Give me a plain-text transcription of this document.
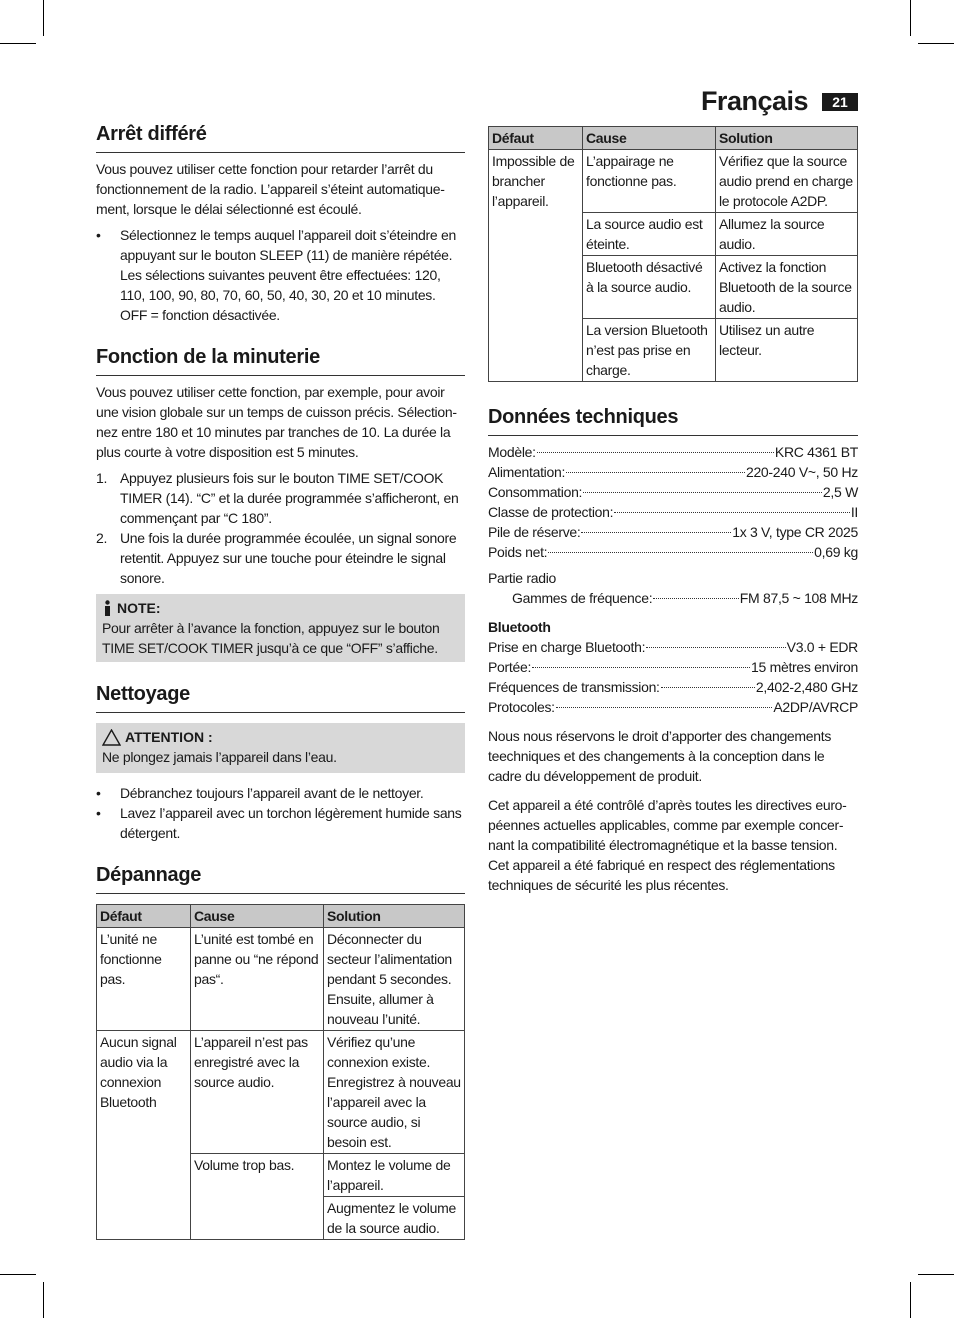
Français	21
Arrêt différé

Vous pouvez utiliser cette fonction pour retarder l’arrêt du fonctionnement de la radio. L’appareil s’éteint automatique-ment, lorsque le délai sélectionné est écoulé.

• Sélectionnez le temps auquel l’appareil doit s’éteindre en appuyant sur le bouton SLEEP (11) de manière répétée. Les sélections suivantes peuvent être effectuées: 120, 110, 100, 90, 80, 70, 60, 50, 40, 30, 20 et 10 minutes. OFF = fonction désactivée.
Fonction de la minuterie

Vous pouvez utiliser cette fonction, par exemple, pour avoir une vision globale sur un temps de cuisson précis. Sélection-nez entre 180 et 10 minutes par tranches de 10. La durée la plus courte à votre disposition est 5 minutes.

1. Appuyez plusieurs fois sur le bouton TIME SET/COOK TIMER (14). “C” et la durée programmée s’afficheront, en commençant par “C 180”.
2. Une fois la durée programmée écoulée, un signal sonore retentit. Appuyez sur une touche pour éteindre le signal sonore.
NOTE:

Pour arrêter à l’avance la fonction, appuyez sur le bouton TIME SET/COOK TIMER jusqu’à ce que “OFF” s’affiche.

Nettoyage
ATTENTION :

Ne plongez jamais l’appareil dans l’eau.

• Débranchez toujours l’appareil avant de le nettoyer.
• Lavez l’appareil avec un torchon légèrement humide sans détergent.
Dépannage
Défaut	Cause	Solution
L’unité ne fonctionne pas.	L’unité est tombé en panne ou “ne répond pas“.	Déconnecter du secteur l’alimentation pendant 5 secondes. Ensuite, allumer à nouveau l’unité.
Aucun signal audio via la connexion Bluetooth	L’appareil n’est pas enregistré avec la source audio.	Vérifiez qu’une connexion existe. Enregistrez à nouveau l’appareil avec la source audio, si besoin est.
	Volume trop bas.	Montez le volume de l’appareil.
		Augmentez le volume de la source audio.
Défaut	Cause	Solution
Impossible de brancher l’appareil.	L’appairage ne fonctionne pas.	Vérifiez que la source audio prend en charge le protocole A2DP.
	La source audio est éteinte.	Allumez la source audio.
	Bluetooth désactivé à la source audio.	Activez la fonction Bluetooth de la source audio.
	La version Bluetooth n’est pas prise en charge.	Utilisez un autre lecteur.
Données techniques
Modèle:	KRC 4361 BT
Alimentation:	220-240 V~, 50 Hz
Consommation:	2,5 W
Classe de protection:	II
Pile de réserve:	1x 3 V, type CR 2025
Poids net:	0,69 kg
Partie radio
Gammes de fréquence:	FM 87,5 ~ 108 MHz
Bluetooth
Prise en charge Bluetooth:	V3.0 + EDR
Portée:	15 mètres environ
Fréquences de transmission:	2,402-2,480 GHz
Protocoles:	A2DP/AVRCP

Nous nous réservons le droit d’apporter des changements teechniques et des changements à la conception dans le cadre du développement de produit.

Cet appareil a été contrôlé d’après toutes les directives euro-péennes actuelles applicables, comme par exemple concer-nant la compatibilité électromagnétique et la basse tension. Cet appareil a été fabriqué en respect des réglementations techniques de sécurité les plus récentes.
